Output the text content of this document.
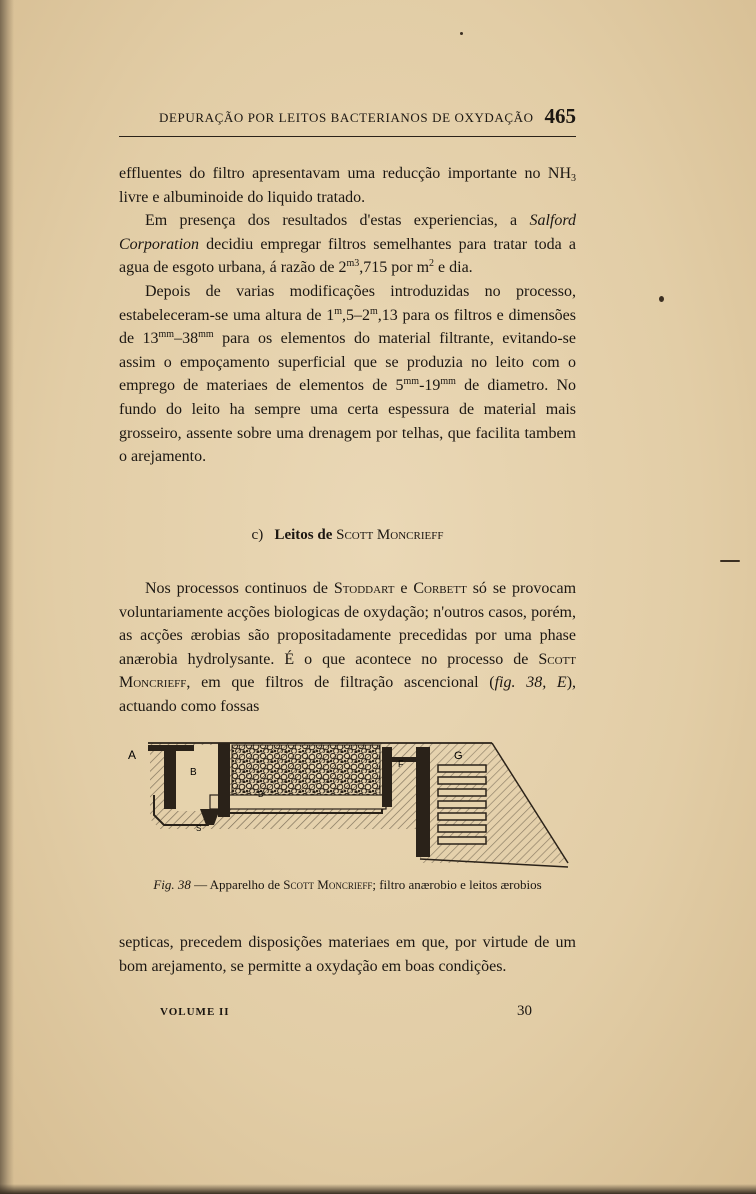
DEPURAÇÃO POR LEITOS BACTERIANOS DE OXYDAÇÃO 465

effluentes do filtro apresentavam uma reducção importante no $NH_3$ livre e albuminoide do liquido tratado.

Em presença dos resultados d'estas experiencias, a Salford Corporation decidiu empregar filtros semelhantes para tratar toda a agua de esgoto urbana, á razão de $2^{m3},715$ por $m^2$ e dia.

Depois de varias modificações introduzidas no processo, estabeleceram-se uma altura de 1$^m$,5–2$^m$,13 para os filtros e dimensões de $13^{mm}-38^{mm}$ para os elementos do material filtrante, evitando-se assim o empoçamento superficial que se produzia no leito com o emprego de materiaes de elementos de $5^{mm}-19^{mm}$ de diametro. No fundo do leito ha sempre uma certa espessura de material mais grosseiro, assente sobre uma drenagem por telhas, que facilita tambem o arejamento.

c) Leitos de Scott Moncrieff

Nos processos continuos de Stoddart e Corbett só se provocam voluntariamente acções biologicas de oxydação; n'outros casos, porém, as acções ærobias são propositadamente precedidas por uma phase anærobia hydrolysante. É o que acontece no processo de Scott Moncrieff, em que filtros de filtração ascencional (fig. 38, E), actuando como fossas

A
B
E
D
F
G
S
Fig. 38 — Apparelho de Scott Moncrieff; filtro anærobio e leitos ærobios

septicas, precedem disposições materiaes em que, por virtude de um bom arejamento, se permitte a oxydação em boas condições.

VOLUME II	30
